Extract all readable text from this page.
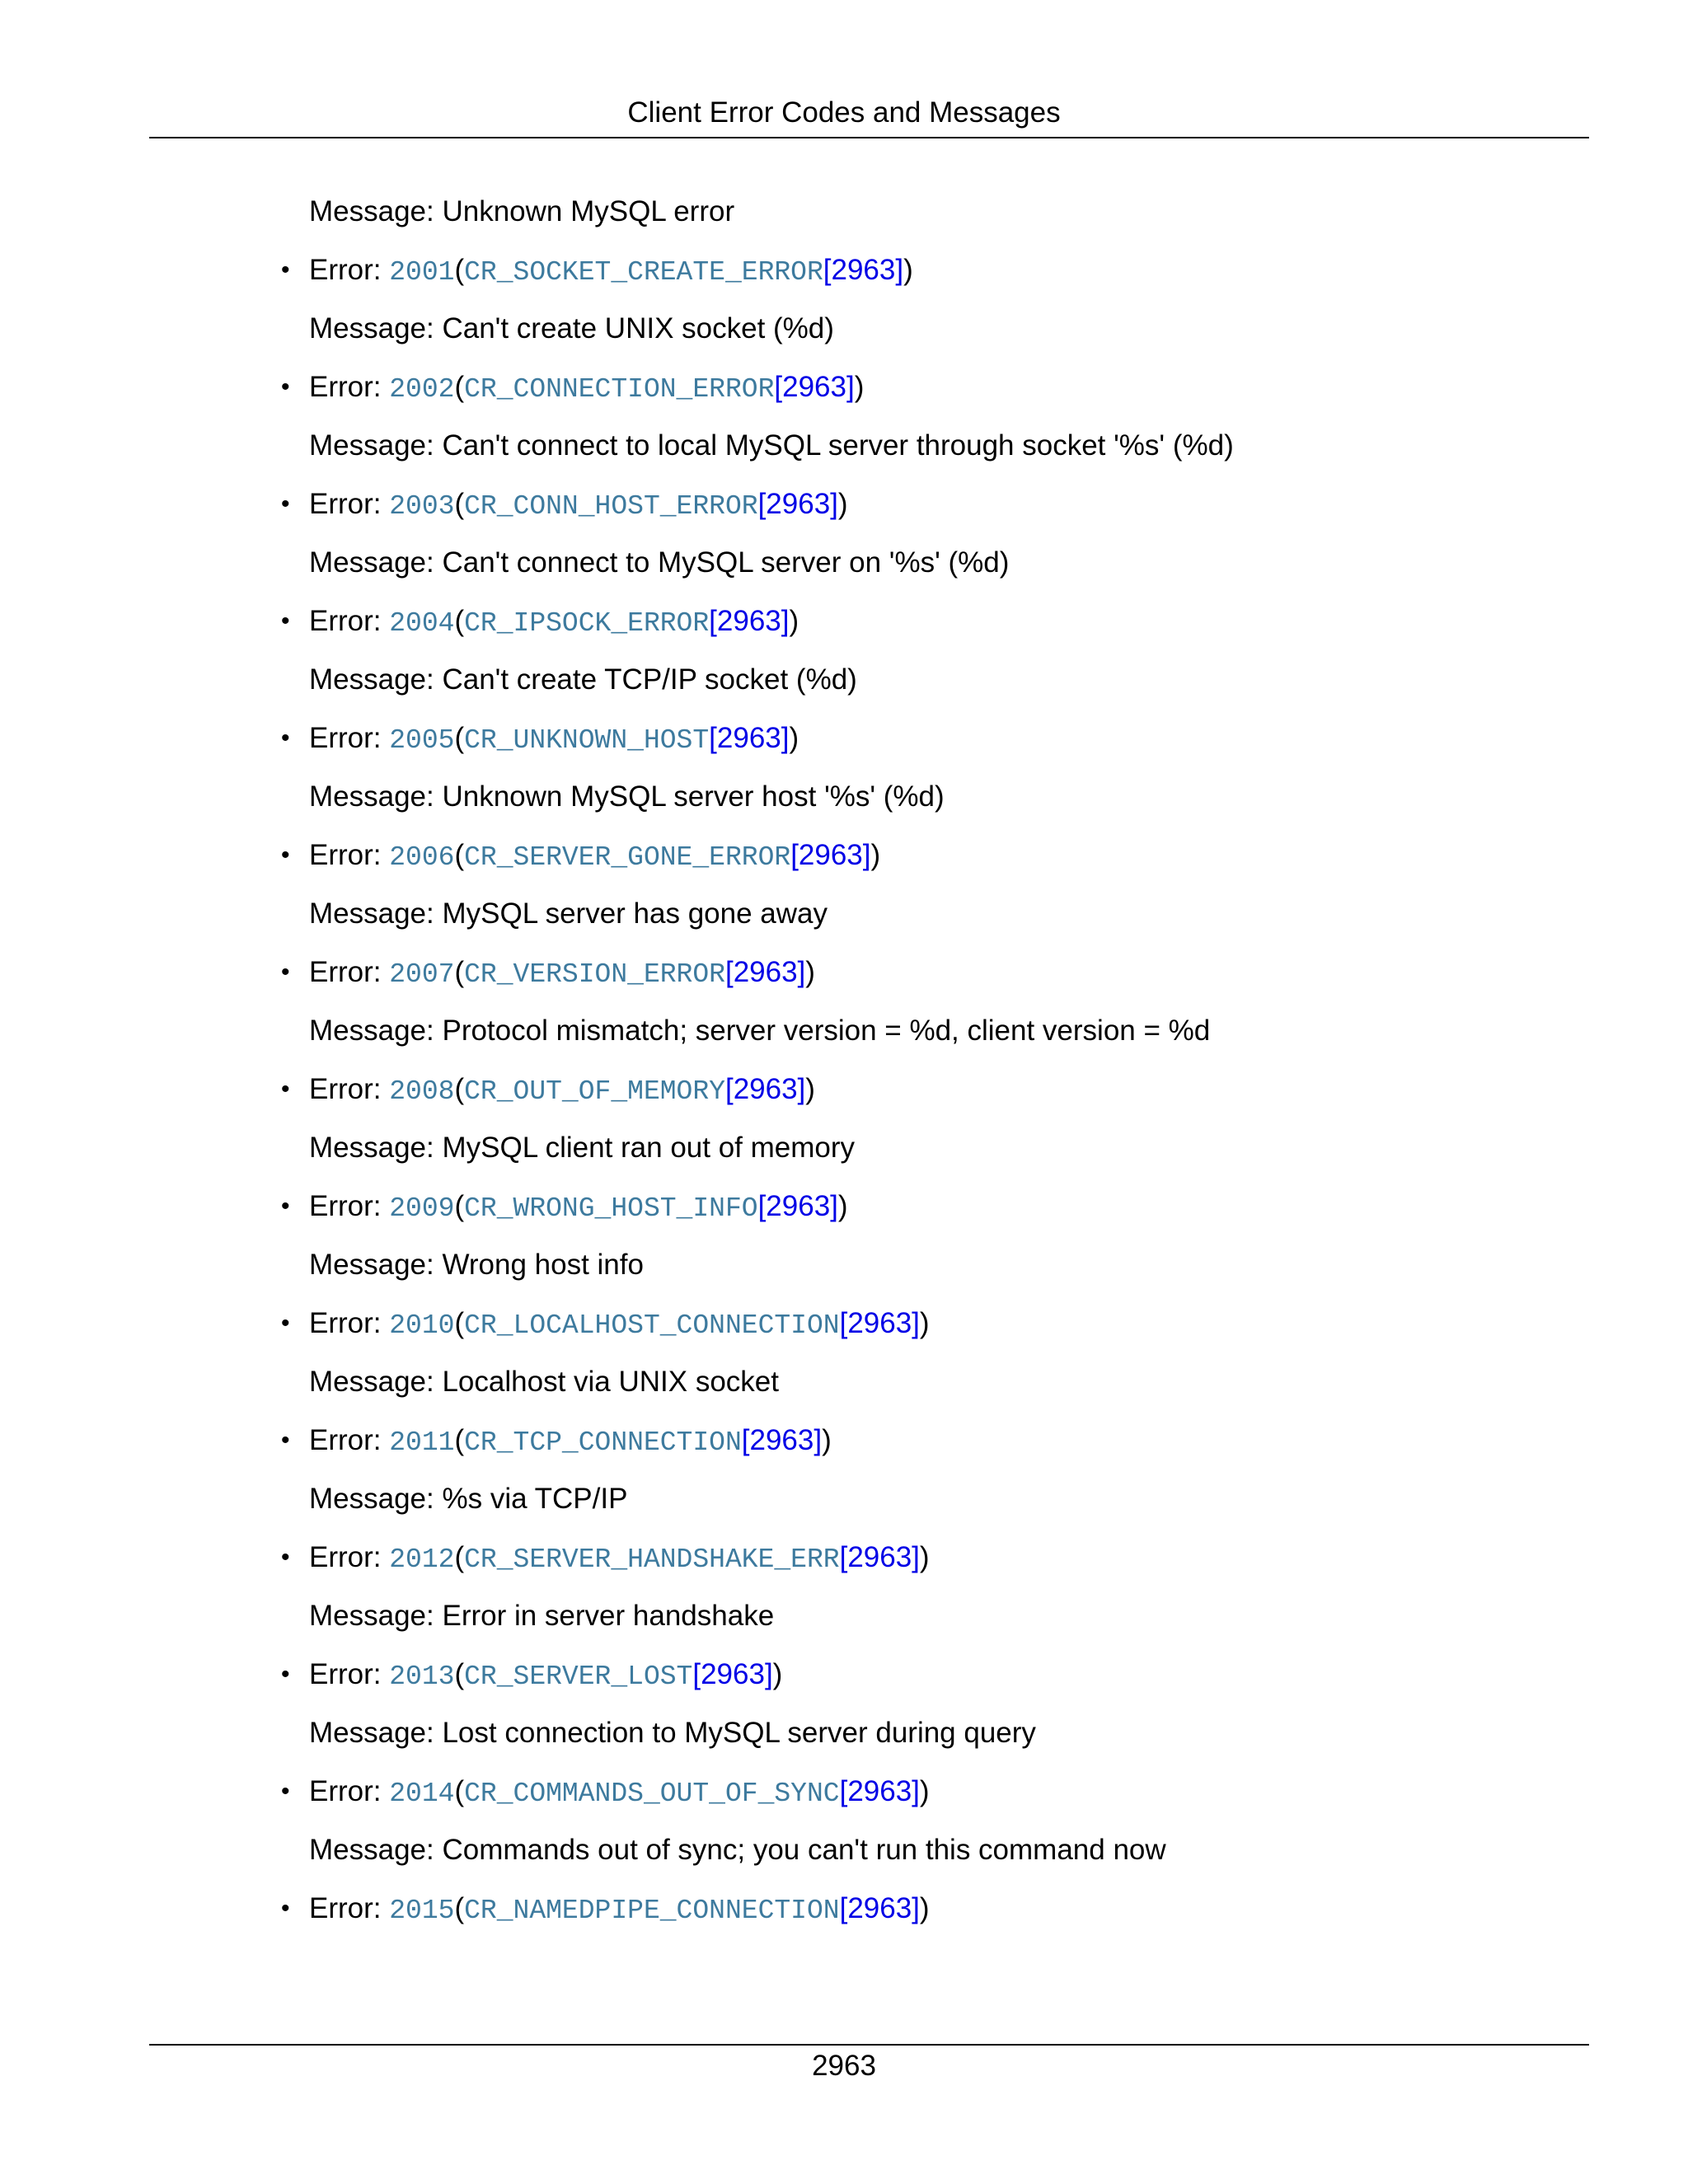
Client Error Codes and Messages
Message: Unknown MySQL error
• Error: 2001(CR_SOCKET_CREATE_ERROR[2963])
Message: Can't create UNIX socket (%d)
• Error: 2002(CR_CONNECTION_ERROR[2963])
Message: Can't connect to local MySQL server through socket '%s' (%d)
• Error: 2003(CR_CONN_HOST_ERROR[2963])
Message: Can't connect to MySQL server on '%s' (%d)
• Error: 2004(CR_IPSOCK_ERROR[2963])
Message: Can't create TCP/IP socket (%d)
• Error: 2005(CR_UNKNOWN_HOST[2963])
Message: Unknown MySQL server host '%s' (%d)
• Error: 2006(CR_SERVER_GONE_ERROR[2963])
Message: MySQL server has gone away
• Error: 2007(CR_VERSION_ERROR[2963])
Message: Protocol mismatch; server version = %d, client version = %d
• Error: 2008(CR_OUT_OF_MEMORY[2963])
Message: MySQL client ran out of memory
• Error: 2009(CR_WRONG_HOST_INFO[2963])
Message: Wrong host info
• Error: 2010(CR_LOCALHOST_CONNECTION[2963])
Message: Localhost via UNIX socket
• Error: 2011(CR_TCP_CONNECTION[2963])
Message: %s via TCP/IP
• Error: 2012(CR_SERVER_HANDSHAKE_ERR[2963])
Message: Error in server handshake
• Error: 2013(CR_SERVER_LOST[2963])
Message: Lost connection to MySQL server during query
• Error: 2014(CR_COMMANDS_OUT_OF_SYNC[2963])
Message: Commands out of sync; you can't run this command now
• Error: 2015(CR_NAMEDPIPE_CONNECTION[2963])
2963
